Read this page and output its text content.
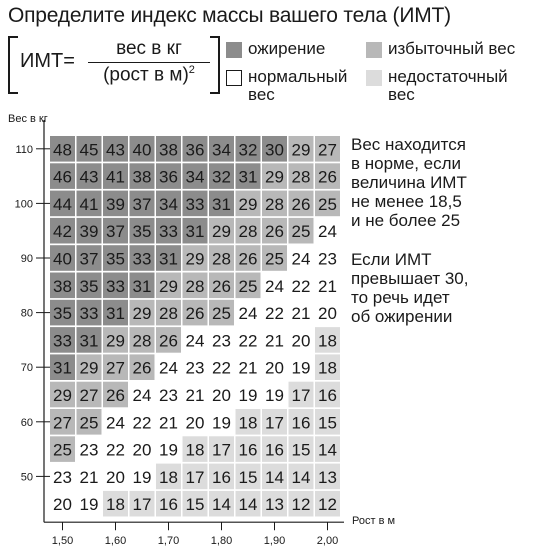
Определите индекс массы вашего тела (ИМТ)
ИМТ=
вес в кг
(рост в м)$^2$
ожирение	избыточный вес
нормальный
вес
недостаточный
вес
Вес находится
в норме, если
величина ИМТ
не менее 18,5
и не более 25
Если ИМТ
превышает 30,
то речь идет
об ожирении
48 45 43 40 38 36 34 32 30 29 27
46 43 41 38 36 34 32 31 29 28 26
44 41 39 37 34 33 31 29 28 26 25
42 39 37 35 33 31 29 28 26 25 24
40 37 35 33 31 29 28 26 25 24 23
38 35 33 31 29 28 26 25 24 22 21
35 33 31 29 28 26 25 24 22 21 20
33 31 29 28 26 24 23 22 21 20 18
31 29 27 26 24 23 22 21 20 19 18
29 27 26 24 23 21 20 19 19 17 16
27 25 24 22 21 20 19 18 17 16 15
25 23 22 20 19 18 17 16 16 15 14
23 21 20 19 18 17 16 15 14 14 13
20 19 18 17 16 15 14 14 13 12 12
Вес в кг
Рост в м
110
100
90
80
70
60
50
1,50	1,60	1,70	1,80	1,90	2,00
